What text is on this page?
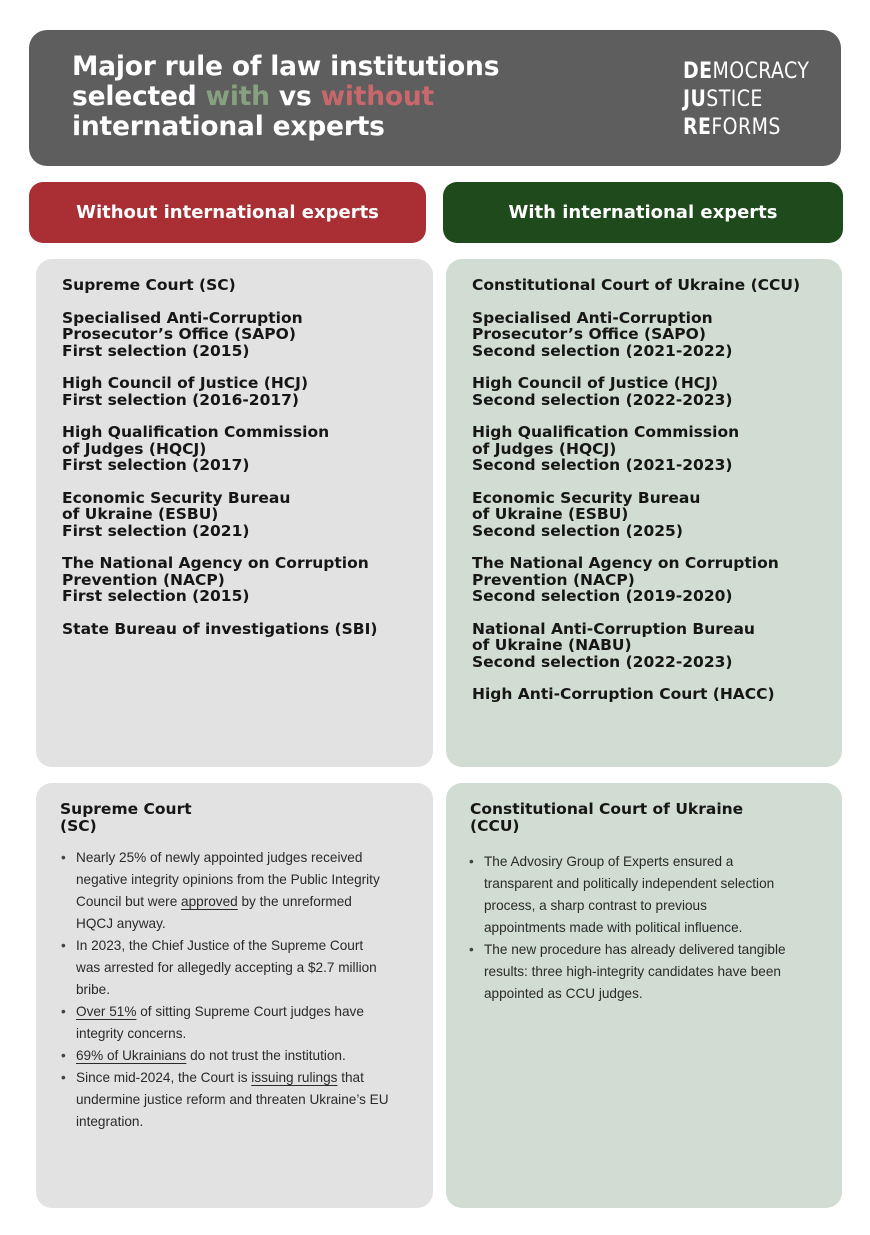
Major rule of law institutions
selected with vs without
international experts
DEMOCRACY
JUSTICE
REFORMS
Without international experts	With international experts
Supreme Court (SC)
Specialised Anti-Corruption
Prosecutor’s Office (SAPO)
First selection (2015)
High Council of Justice (HCJ)
First selection (2016-2017)
High Qualification Commission
of Judges (HQCJ)
First selection (2017)
Economic Security Bureau
of Ukraine (ESBU)
First selection (2021)
The National Agency on Corruption
Prevention (NACP)
First selection (2015)
State Bureau of investigations (SBI)
Constitutional Court of Ukraine (CCU)
Specialised Anti-Corruption
Prosecutor’s Office (SAPO)
Second selection (2021-2022)
High Council of Justice (HCJ)
Second selection (2022-2023)
High Qualification Commission
of Judges (HQCJ)
Second selection (2021-2023)
Economic Security Bureau
of Ukraine (ESBU)
Second selection (2025)
The National Agency on Corruption
Prevention (NACP)
Second selection (2019-2020)
National Anti-Corruption Bureau
of Ukraine (NABU)
Second selection (2022-2023)
High Anti-Corruption Court (HACC)
Supreme Court
(SC)
• Nearly 25% of newly appointed judges received negative integrity opinions from the Public Integrity Council but were approved by the unreformed HQCJ anyway.
• In 2023, the Chief Justice of the Supreme Court was arrested for allegedly accepting a $2.7 million bribe.
• Over 51% of sitting Supreme Court judges have integrity concerns.
• 69% of Ukrainians do not trust the institution.
• Since mid-2024, the Court is issuing rulings that undermine justice reform and threaten Ukraine’s EU integration.
Constitutional Court of Ukraine
(CCU)
• The Advosiry Group of Experts ensured a transparent and politically independent selection process, a sharp contrast to previous appointments made with political influence.
• The new procedure has already delivered tangible results: three high-integrity candidates have been appointed as CCU judges.
